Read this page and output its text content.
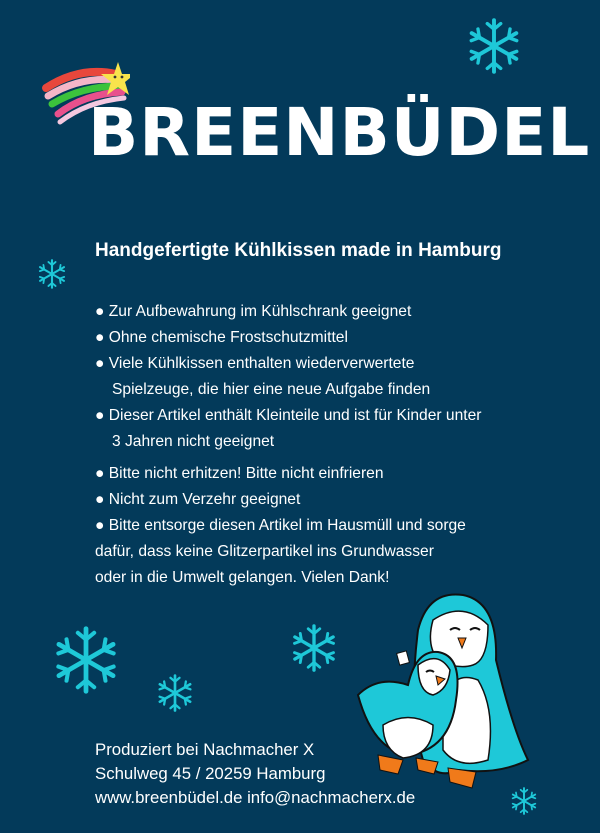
BREENBÜDEL
Handgefertigte Kühlkissen made in Hamburg
● Zur Aufbewahrung im Kühlschrank geeignet
● Ohne chemische Frostschutzmittel
● Viele Kühlkissen enthalten wiederverwertete
Spielzeuge, die hier eine neue Aufgabe finden
● Dieser Artikel enthält Kleinteile und ist für Kinder unter
3 Jahren nicht geeignet
● Bitte nicht erhitzen! Bitte nicht einfrieren
● Nicht zum Verzehr geeignet
● Bitte entsorge diesen Artikel im Hausmüll und sorge
dafür, dass keine Glitzerpartikel ins Grundwasser
oder in die Umwelt gelangen. Vielen Dank!
Produziert bei Nachmacher X
Schulweg 45 / 20259 Hamburg
www.breenbüdel.de info@nachmacherx.de
